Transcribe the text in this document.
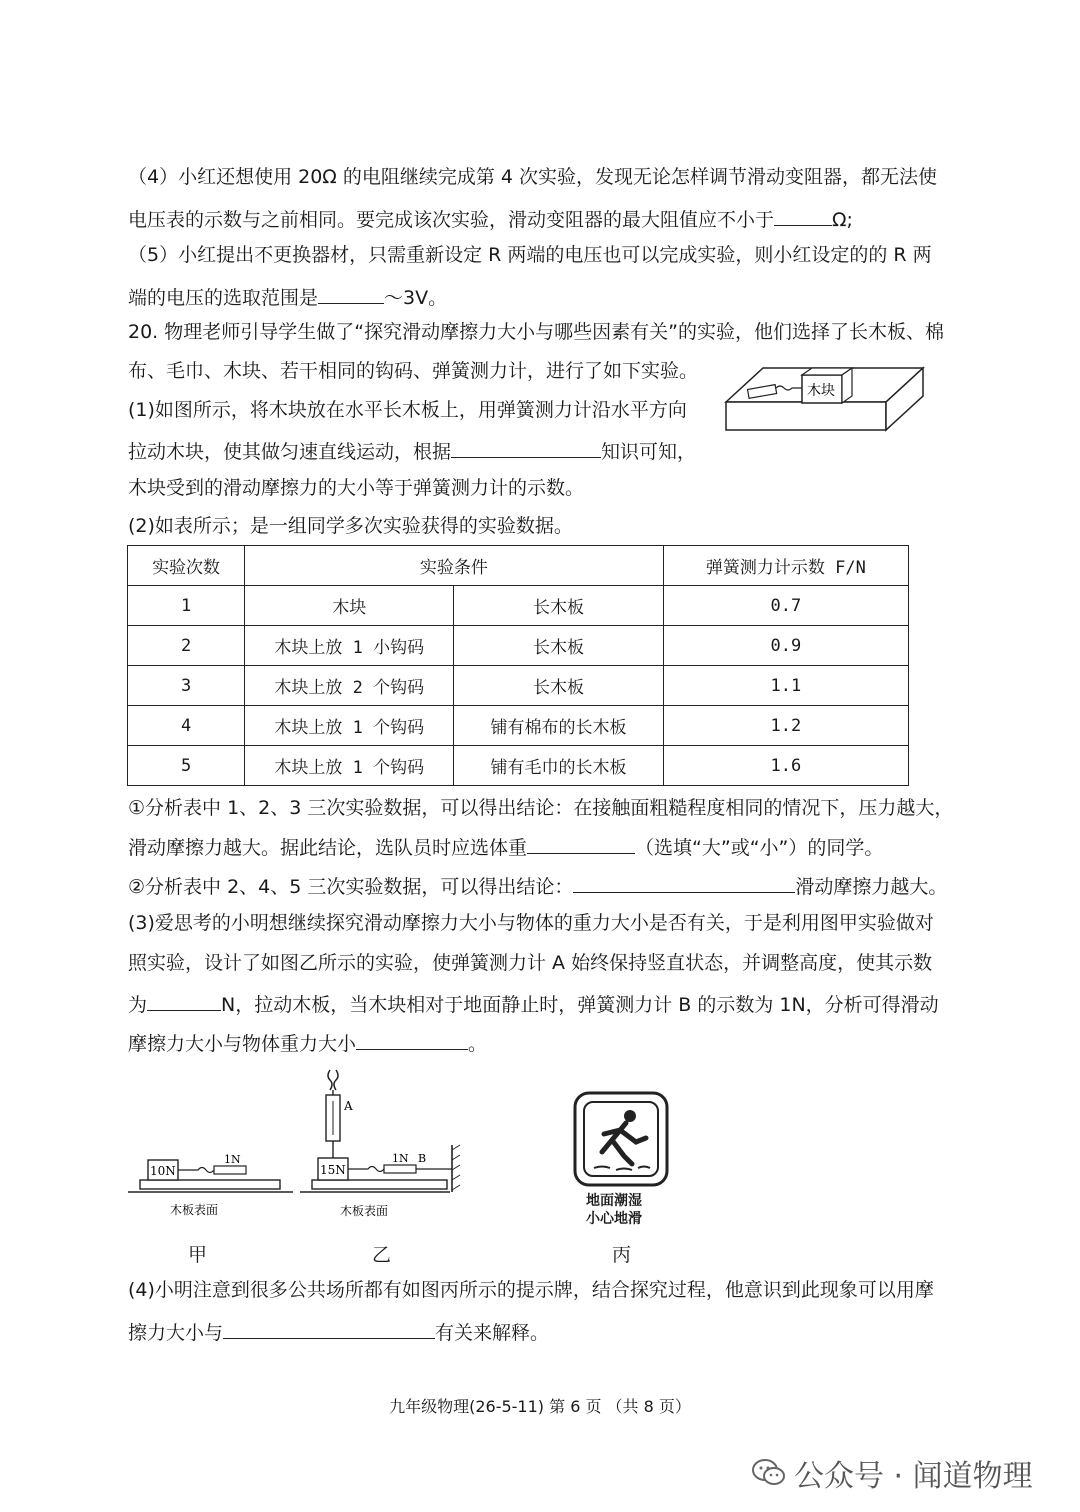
（4）小红还想使用 20Ω 的电阻继续完成第 4 次实验，发现无论怎样调节滑动变阻器，都无法使
电压表的示数与之前相同。要完成该次实验，滑动变阻器的最大阻值应不小于	Ω;
（5）小红提出不更换器材，只需重新设定 R 两端的电压也可以完成实验，则小红设定的的 R 两
端的电压的选取范围是	～3V。
20. 物理老师引导学生做了“探究滑动摩擦力大小与哪些因素有关”的实验，他们选择了长木板、棉
布、毛巾、木块、若干相同的钩码、弹簧测力计，进行了如下实验。
(1)如图所示，将木块放在水平长木板上，用弹簧测力计沿水平方向
拉动木块，使其做匀速直线运动，根据	知识可知，
木块受到的滑动摩擦力的大小等于弹簧测力计的示数。
木块
(2)如表所示；是一组同学多次实验获得的实验数据。
实验次数	实验条件		弹簧测力计示数 F/N
1	木块	长木板	0.7
2	木块上放 1 小钩码	长木板	0.9
3	木块上放 2 个钩码	长木板	1.1
4	木块上放 1 个钩码	铺有棉布的长木板	1.2
5	木块上放 1 个钩码	铺有毛巾的长木板	1.6
①分析表中 1、2、3 三次实验数据，可以得出结论：在接触面粗糙程度相同的情况下，压力越大，
滑动摩擦力越大。据此结论，选队员时应选体重	（选填“大”或“小”）的同学。
②分析表中 2、4、5 三次实验数据，可以得出结论：	滑动摩擦力越大。
(3)爱思考的小明想继续探究滑动摩擦力大小与物体的重力大小是否有关，于是利用图甲实验做对
照实验，设计了如图乙所示的实验，使弹簧测力计 A 始终保持竖直状态，并调整高度，使其示数
为	N，拉动木板，当木块相对于地面静止时，弹簧测力计 B 的示数为 1N，分析可得滑动
摩擦力大小与物体重力大小	。
10N
1N
木板表面
A
15N
1N B
木板表面
地面潮湿
小心地滑
甲	乙	丙
(4)小明注意到很多公共场所都有如图丙所示的提示牌，结合探究过程，他意识到此现象可以用摩
擦力大小与	有关来解释。
九年级物理(26-5-11) 第 6 页 （共 8 页）
公众号 · 闻道物理
